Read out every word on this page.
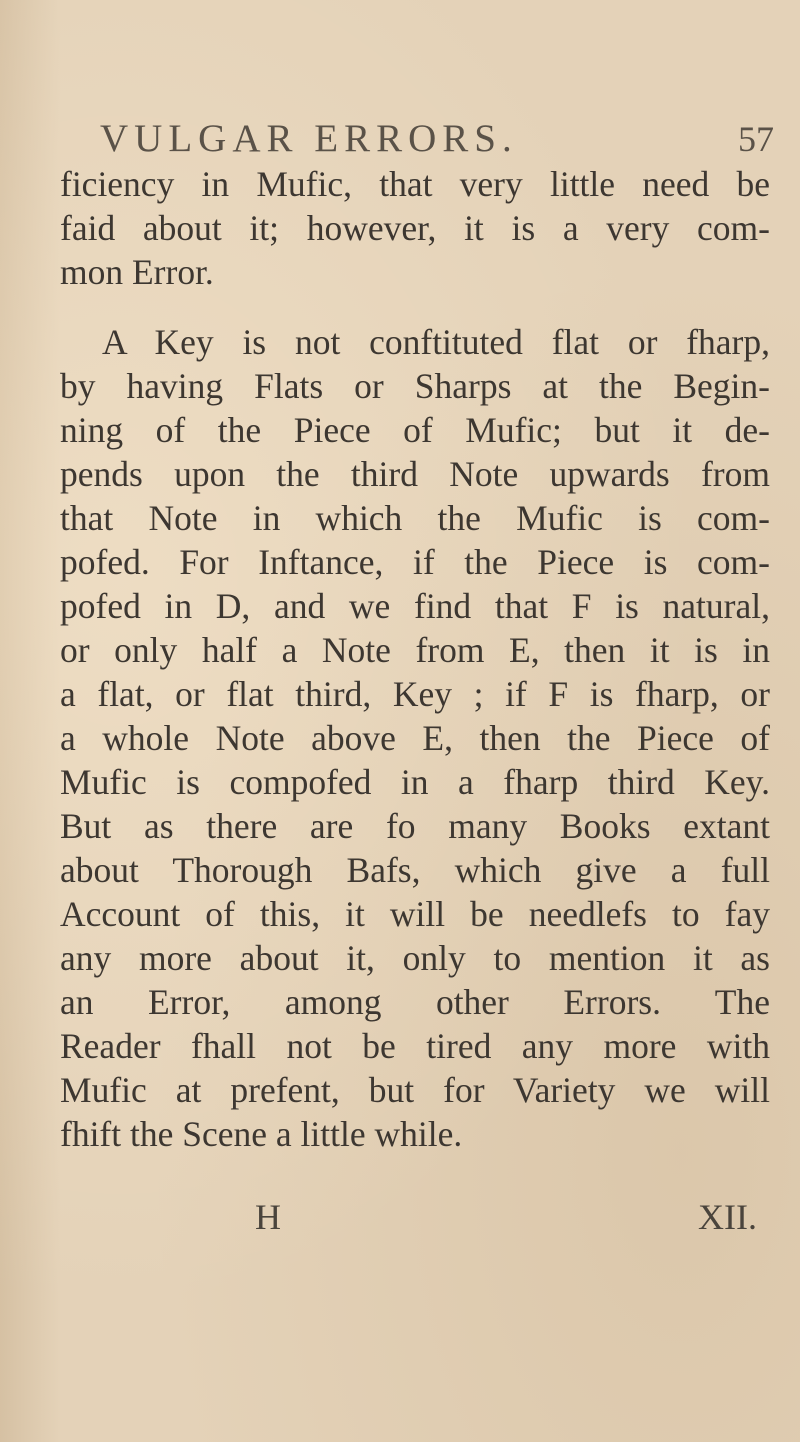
VULGAR ERRORS.	57
ficiency in Mufic, that very little need be
faid about it; however, it is a very com-
mon Error.
A Key is not conftituted flat or fharp,
by having Flats or Sharps at the Begin-
ning of the Piece of Mufic; but it de-
pends upon the third Note upwards from
that Note in which the Mufic is com-
pofed. For Inftance, if the Piece is com-
pofed in D, and we find that F is natural,
or only half a Note from E, then it is in
a flat, or flat third, Key ; if F is fharp, or
a whole Note above E, then the Piece of
Mufic is compofed in a fharp third Key.
But as there are fo many Books extant
about Thorough Bafs, which give a full
Account of this, it will be needlefs to fay
any more about it, only to mention it as
an Error, among other Errors. The
Reader fhall not be tired any more with
Mufic at prefent, but for Variety we will
fhift the Scene a little while.
H	XII.
